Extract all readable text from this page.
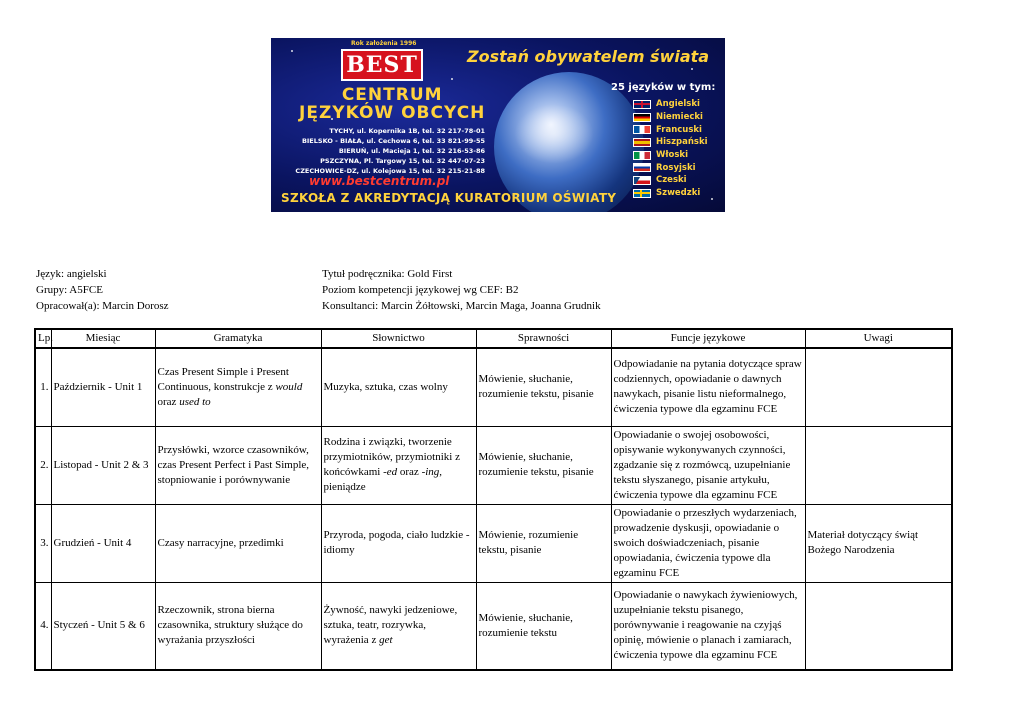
Rok założenia 1996
BEST	Zostań obywatelem świata
CENTRUM
JĘZYKÓW OBCYCH
TYCHY, ul. Kopernika 1B, tel. 32 217-78-01
BIELSKO - BIAŁA, ul. Cechowa 6, tel. 33 821-99-55
BIERUŃ, ul. Macieja 1, tel. 32 216-53-86
PSZCZYNA, Pl. Targowy 15, tel. 32 447-07-23
CZECHOWICE-DZ, ul. Kolejowa 15, tel. 32 215-21-88
www.bestcentrum.pl
SZKOŁA Z AKREDYTACJĄ KURATORIUM OŚWIATY
25 języków w tym:
Angielski
Niemiecki
Francuski
Hiszpański
Włoski
Rosyjski
Czeski
Szwedzki
Język: angielski
Grupy: A5FCE
Opracował(a): Marcin Dorosz
Tytuł podręcznika: Gold First
Poziom kompetencji językowej wg CEF: B2
Konsultanci: Marcin Żółtowski, Marcin Maga, Joanna Grudnik
Lp.	Miesiąc	Gramatyka	Słownictwo	Sprawności	Funcje językowe	Uwagi
1.	Październik - Unit 1	Czas Present Simple i Present Continuous, konstrukcje z would oraz used to	Muzyka, sztuka, czas wolny	Mówienie, słuchanie, rozumienie tekstu, pisanie	Odpowiadanie na pytania dotyczące spraw codziennych, opowiadanie o dawnych nawykach, pisanie listu nieformalnego, ćwiczenia typowe dla egzaminu FCE	
2.	Listopad - Unit 2 & 3	Przysłówki, wzorce czasowników, czas Present Perfect i Past Simple, stopniowanie i porównywanie	Rodzina i związki, tworzenie przymiotników, przymiotniki z końcówkami -ed oraz -ing, pieniądze	Mówienie, słuchanie, rozumienie tekstu, pisanie	Opowiadanie o swojej osobowości, opisywanie wykonywanych czynności, zgadzanie się z rozmówcą, uzupełnianie tekstu słyszanego, pisanie artykułu, ćwiczenia typowe dla egzaminu FCE	
3.	Grudzień - Unit 4	Czasy narracyjne, przedimki	Przyroda, pogoda, ciało ludzkie - idiomy	Mówienie, rozumienie tekstu, pisanie	Opowiadanie o przeszłych wydarzeniach, prowadzenie dyskusji, opowiadanie o swoich doświadczeniach, pisanie opowiadania, ćwiczenia typowe dla egzaminu FCE	Materiał dotyczący świąt Bożego Narodzenia
4.	Styczeń - Unit 5 & 6	Rzeczownik, strona bierna czasownika, struktury służące do wyrażania przyszłości	Żywność, nawyki jedzeniowe, sztuka, teatr, rozrywka, wyrażenia z get	Mówienie, słuchanie, rozumienie tekstu	Opowiadanie o nawykach żywieniowych, uzupełnianie tekstu pisanego, porównywanie i reagowanie na czyjąś opinię, mówienie o planach i zamiarach, ćwiczenia typowe dla egzaminu FCE	
